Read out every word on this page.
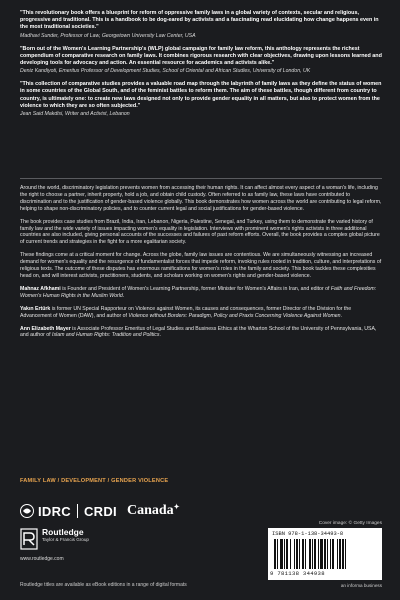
"This revolutionary book offers a blueprint for reform of oppressive family laws in a global variety of contexts, secular and religious, progressive and traditional. This is a handbook to be dog-eared by activists and a fascinating read elucidating how change happens even in the most traditional societies."
Madhavi Sunder, Professor of Law, Georgetown University Law Center, USA
"Born out of the Women's Learning Partnership's (WLP) global campaign for family law reform, this anthology represents the richest compendium of comparative research on family laws. It combines rigorous research with clear objectives, drawing upon lessons learned and developing tools for advocacy and action. An essential resource for academics and activists alike."
Deniz Kandiyoti, Emeritus Professor of Development Studies, School of Oriental and African Studies, University of London, UK
"This collection of comparative studies provides a valuable road map through the labyrinth of family laws as they define the status of women in some countries of the Global South, and of the feminist battles to reform them. The aim of these battles, though different from country to country, is ultimately one: to create new laws designed not only to provide gender equality in all matters, but also to protect women from the violence to which they are so often subjected."
Jean Said Makdisi, Writer and Activist, Lebanon

Around the world, discriminatory legislation prevents women from accessing their human rights. It can affect almost every aspect of a woman's life, including the right to choose a partner, inherit property, hold a job, and obtain child custody. Often referred to as family law, these laws have contributed to discrimination and to the justification of gender-based violence globally. This book demonstrates how women across the world are contributing to legal reform, helping to shape non-discriminatory policies, and to counter current legal and social justifications for gender-based violence.

The book provides case studies from Brazil, India, Iran, Lebanon, Nigeria, Palestine, Senegal, and Turkey, using them to demonstrate the varied history of family law and the wide variety of issues impacting women's equality in legislation. Interviews with prominent women's rights activists in three additional countries are also included, giving personal accounts of the successes and failures of past reform efforts. Overall, the book provides a complex global picture of current trends and strategies in the fight for a more egalitarian society.

These findings come at a critical moment for change. Across the globe, family law issues are contentious. We are simultaneously witnessing an increased demand for women's equality and the resurgence of fundamentalist forces that impede reform, invoking rules rooted in tradition, culture, and interpretations of religious texts. The outcome of these disputes has enormous ramifications for women's roles in the family and society. This book tackles these complexities head on, and will interest activists, practitioners, students, and scholars working on women's rights and gender-based violence.

Mahnaz Afkhami is Founder and President of Women's Learning Partnership, former Minister for Women's Affairs in Iran, and editor of Faith and Freedom: Women's Human Rights in the Muslim World.
Yakın Ertürk is former UN Special Rapporteur on Violence against Women, its causes and consequences, former Director of the Division for the Advancement of Women (DAW), and author of Violence without Borders: Paradigm, Policy and Praxis Concerning Violence Against Women.
Ann Elizabeth Mayer is Associate Professor Emeritus of Legal Studies and Business Ethics at the Wharton School of the University of Pennsylvania, USA, and author of Islam and Human Rights: Tradition and Politics.
FAMILY LAW / DEVELOPMENT / GENDER VIOLENCE
IDRC CRDI Canada✦
Routledge
Taylor & Francis Group
www.routledge.com
Cover image: © Getty Images
ISBN 978-1-138-34493-8
9 781138 344938
an informa business
Routledge titles are available as eBook editions in a range of digital formats
